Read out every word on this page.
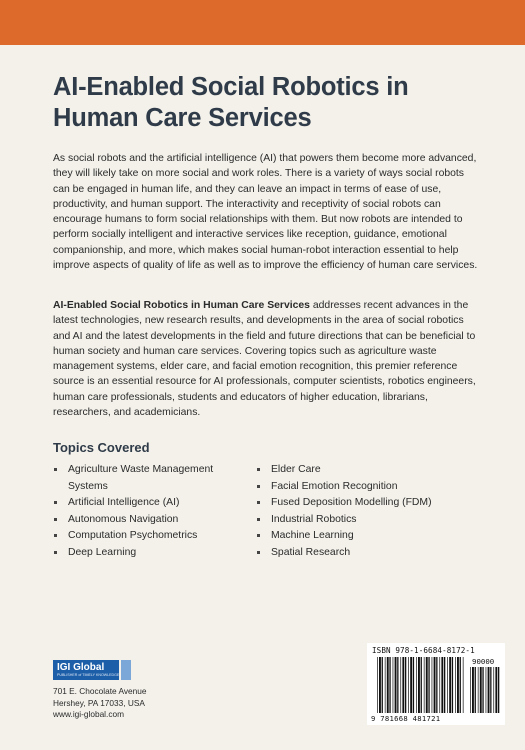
AI-Enabled Social Robotics in Human Care Services

As social robots and the artificial intelligence (AI) that powers them become more advanced, they will likely take on more social and work roles. There is a variety of ways social robots can be engaged in human life, and they can leave an impact in terms of ease of use, productivity, and human support. The interactivity and receptivity of social robots can encourage humans to form social relationships with them. But now robots are intended to perform socially intelligent and interactive services like reception, guidance, emotional companionship, and more, which makes social human-robot interaction essential to help improve aspects of quality of life as well as to improve the efficiency of human care services.

AI-Enabled Social Robotics in Human Care Services addresses recent advances in the latest technologies, new research results, and developments in the area of social robotics and AI and the latest developments in the field and future directions that can be beneficial to human society and human care services. Covering topics such as agriculture waste management systems, elder care, and facial emotion recognition, this premier reference source is an essential resource for AI professionals, computer scientists, robotics engineers, human care professionals, students and educators of higher education, librarians, researchers, and academicians.

Topics Covered
Agriculture Waste Management Systems
Artificial Intelligence (AI)
Autonomous Navigation
Computation Psychometrics
Deep Learning
Elder Care
Facial Emotion Recognition
Fused Deposition Modelling (FDM)
Industrial Robotics
Machine Learning
Spatial Research
IGI Global
PUBLISHER of TIMELY KNOWLEDGE
701 E. Chocolate Avenue
Hershey, PA 17033, USA
www.igi-global.com
ISBN 978-1-6684-8172-1
90000
9 781668 481721
